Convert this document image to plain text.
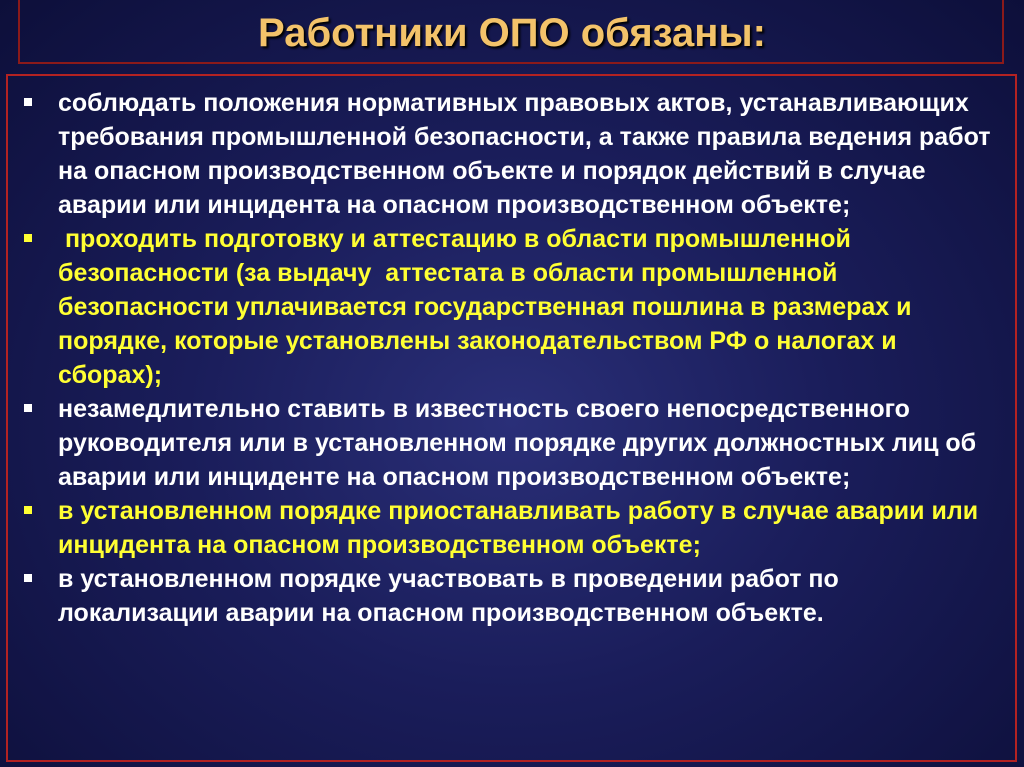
Работники ОПО обязаны:
соблюдать положения нормативных правовых актов, устанавливающих требования промышленной безопасности, а также правила ведения работ на опасном производственном объекте и порядок действий в случае аварии или инцидента на опасном производственном объекте;
проходить подготовку и аттестацию в области промышленной безопасности (за выдачу  аттестата в области промышленной безопасности уплачивается государственная пошлина в размерах и порядке, которые установлены законодательством РФ о налогах и сборах);
незамедлительно ставить в известность своего непосредственного руководителя или в установленном порядке других должностных лиц об аварии или инциденте на опасном производственном объекте;
в установленном порядке приостанавливать работу в случае аварии или инцидента на опасном производственном объекте;
в установленном порядке участвовать в проведении работ по локализации аварии на опасном производственном объекте.
